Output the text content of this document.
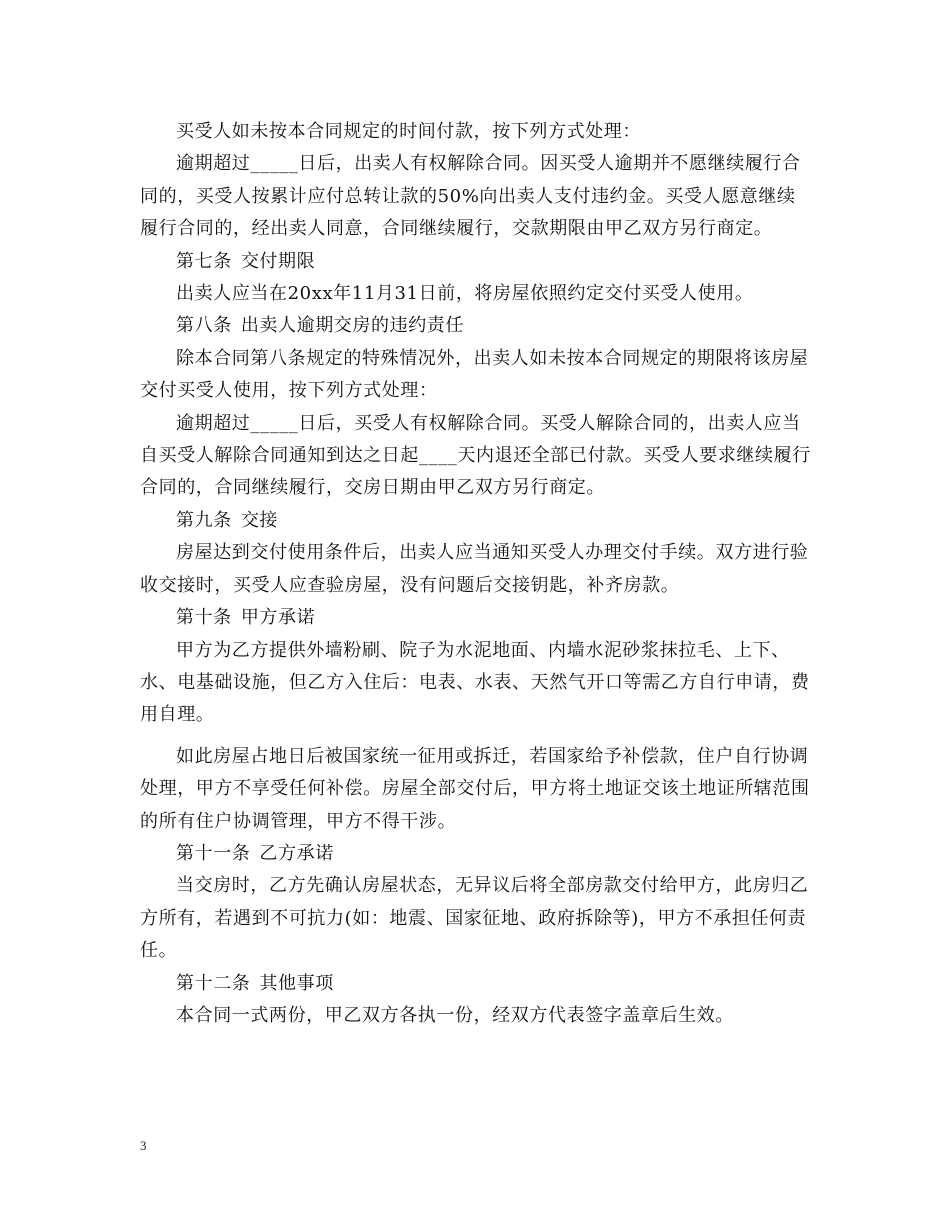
买受人如未按本合同规定的时间付款，按下列方式处理：

逾期超过_____日后，出卖人有权解除合同。因买受人逾期并不愿继续履行合同的，买受人按累计应付总转让款的50%向出卖人支付违约金。买受人愿意继续履行合同的，经出卖人同意，合同继续履行，交款期限由甲乙双方另行商定。

第七条 交付期限

出卖人应当在20xx年11月31日前，将房屋依照约定交付买受人使用。

第八条 出卖人逾期交房的违约责任

除本合同第八条规定的特殊情况外，出卖人如未按本合同规定的期限将该房屋交付买受人使用，按下列方式处理：

逾期超过_____日后，买受人有权解除合同。买受人解除合同的，出卖人应当自买受人解除合同通知到达之日起____天内退还全部已付款。买受人要求继续履行合同的，合同继续履行，交房日期由甲乙双方另行商定。

第九条 交接

房屋达到交付使用条件后，出卖人应当通知买受人办理交付手续。双方进行验收交接时，买受人应查验房屋，没有问题后交接钥匙，补齐房款。

第十条 甲方承诺

甲方为乙方提供外墙粉刷、院子为水泥地面、内墙水泥砂浆抹拉毛、上下、水、电基础设施，但乙方入住后：电表、水表、天然气开口等需乙方自行申请，费用自理。

如此房屋占地日后被国家统一征用或拆迁，若国家给予补偿款，住户自行协调处理，甲方不享受任何补偿。房屋全部交付后，甲方将土地证交该土地证所辖范围的所有住户协调管理，甲方不得干涉。

第十一条 乙方承诺

当交房时，乙方先确认房屋状态，无异议后将全部房款交付给甲方，此房归乙方所有，若遇到不可抗力(如：地震、国家征地、政府拆除等)，甲方不承担任何责任。

第十二条 其他事项

本合同一式两份，甲乙双方各执一份，经双方代表签字盖章后生效。

3
